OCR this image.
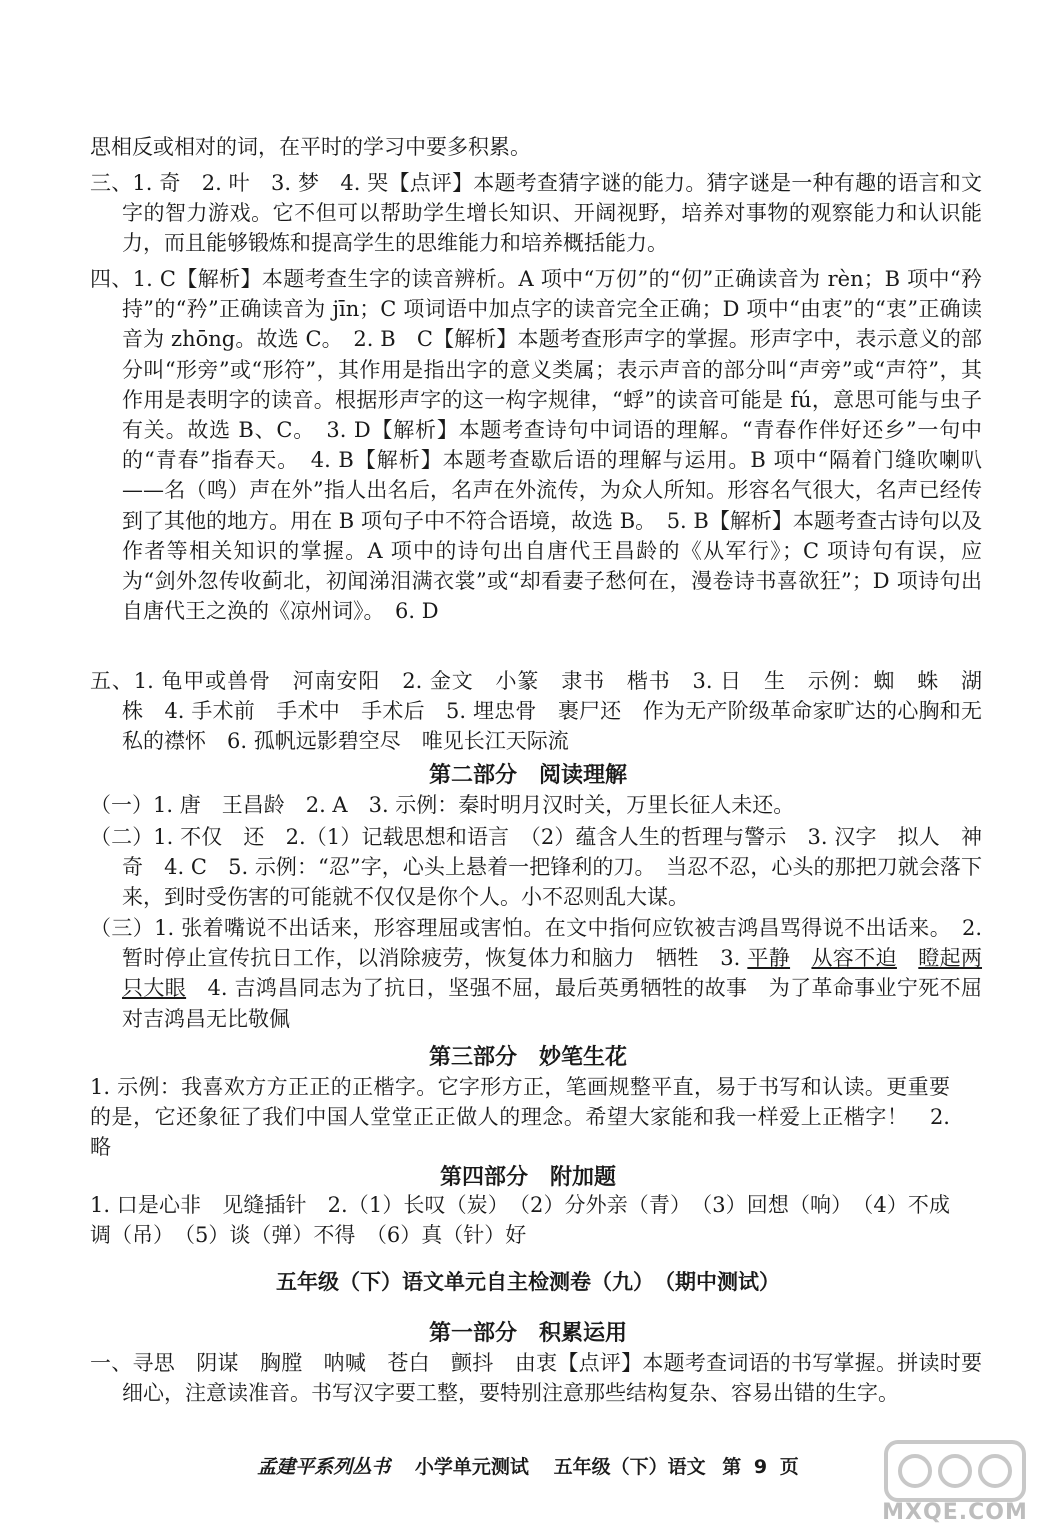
思相反或相对的词，在平时的学习中要多积累。

三、1. 奇　2. 叶　3. 梦　4. 哭【点评】本题考查猜字谜的能力。猜字谜是一种有趣的语言和文字的智力游戏。它不但可以帮助学生增长知识、开阔视野，培养对事物的观察能力和认识能力，而且能够锻炼和提高学生的思维能力和培养概括能力。

四、1. C【解析】本题考查生字的读音辨析。A 项中“万仞”的“仞”正确读音为 rèn；B 项中“矜持”的“矜”正确读音为 jīn；C 项词语中加点字的读音完全正确；D 项中“由衷”的“衷”正确读音为 zhōng。故选 C。　2. B　C【解析】本题考查形声字的掌握。形声字中，表示意义的部分叫“形旁”或“形符”，其作用是指出字的意义类属；表示声音的部分叫“声旁”或“声符”，其作用是表明字的读音。根据形声字的这一构字规律，“蜉”的读音可能是 fú，意思可能与虫子有关。故选 B、C。　3. D【解析】本题考查诗句中词语的理解。“青春作伴好还乡”一句中的“青春”指春天。　4. B【解析】本题考查歇后语的理解与运用。B 项中“隔着门缝吹喇叭——名（鸣）声在外”指人出名后，名声在外流传，为众人所知。形容名气很大，名声已经传到了其他的地方。用在 B 项句子中不符合语境，故选 B。　5. B【解析】本题考查古诗句以及作者等相关知识的掌握。A 项中的诗句出自唐代王昌龄的《从军行》；C 项诗句有误，应为“剑外忽传收蓟北，初闻涕泪满衣裳”或“却看妻子愁何在，漫卷诗书喜欲狂”；D 项诗句出自唐代王之涣的《凉州词》。　6. D

五、1. 龟甲或兽骨　河南安阳　2. 金文　小篆　隶书　楷书　3. 日　生　示例：蜘　蛛　湖　株　4. 手术前　手术中　手术后　5. 埋忠骨　裹尸还　作为无产阶级革命家旷达的心胸和无私的襟怀　6. 孤帆远影碧空尽　唯见长江天际流

第二部分　阅读理解

（一）1. 唐　王昌龄　2. A　3. 示例：秦时明月汉时关，万里长征人未还。

（二）1. 不仅　还　2.（1）记载思想和语言　（2）蕴含人生的哲理与警示　3. 汉字　拟人　神奇　4. C　5. 示例：“忍”字，心头上悬着一把锋利的刀。　当忍不忍，心头的那把刀就会落下来，到时受伤害的可能就不仅仅是你个人。小不忍则乱大谋。

（三）1. 张着嘴说不出话来，形容理屈或害怕。在文中指何应钦被吉鸿昌骂得说不出话来。　2. 暂时停止宣传抗日工作，以消除疲劳，恢复体力和脑力　牺牲　3. 平静　 从容不迫　 瞪起两只大眼　4. 吉鸿昌同志为了抗日，坚强不屈，最后英勇牺牲的故事　为了革命事业宁死不屈　对吉鸿昌无比敬佩

第三部分　妙笔生花

1. 示例：我喜欢方方正正的正楷字。它字形方正，笔画规整平直，易于书写和认读。更重要的是，它还象征了我们中国人堂堂正正做人的理念。希望大家能和我一样爱上正楷字！　2. 略

第四部分　附加题

1. 口是心非　见缝插针　2.（1）长叹（炭）　（2）分外亲（青）　（3）回想（响）　（4）不成调（吊）　（5）谈（弹）不得　（6）真（针）好

五年级（下）语文单元自主检测卷（九）　（期中测试）
第一部分　积累运用

一、寻思　阴谋　胸膛　呐喊　苍白　颤抖　由衷【点评】本题考查词语的书写掌握。拼读时要细心，注意读准音。书写汉字要工整，要特别注意那些结构复杂、容易出错的生字。

孟建平系列丛书 小学单元测试 五年级（下）语文 第 9 页
MXQE.COM
